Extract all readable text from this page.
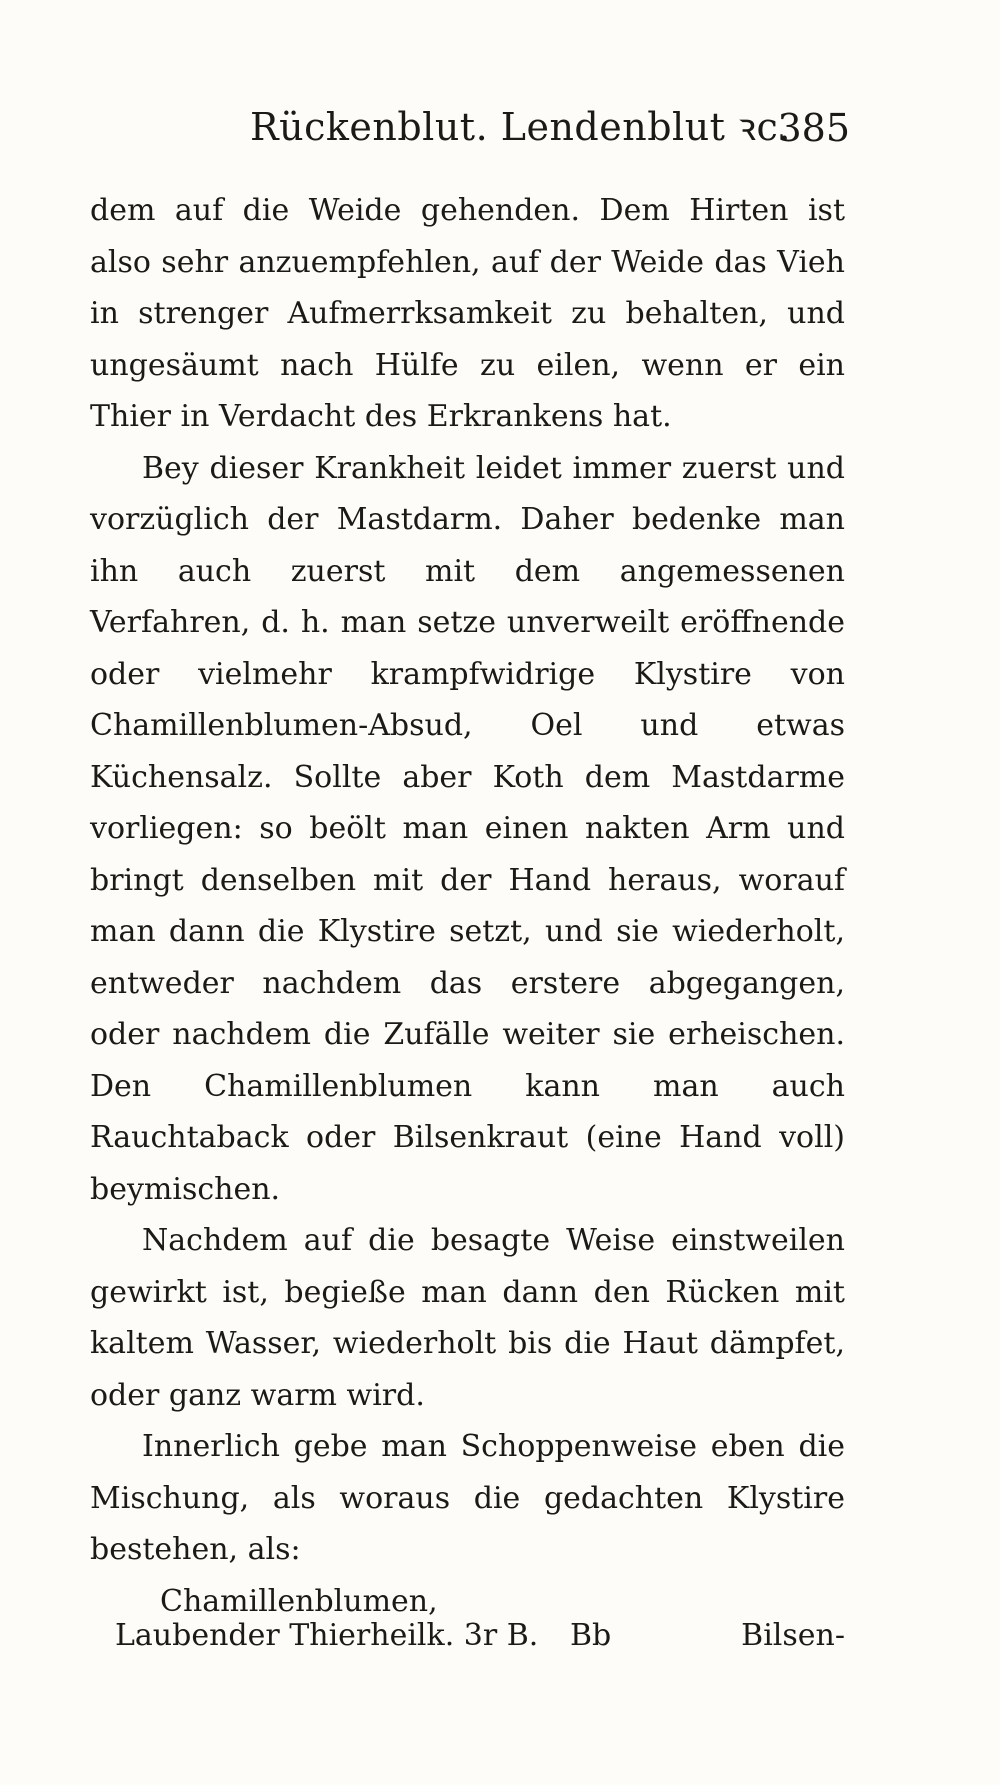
Rückenblut. Lendenblut ꝛc.
385

dem auf die Weide gehenden. Dem Hirten ist also sehr anzuempfehlen, auf der Weide das Vieh in strenger Aufmerrksamkeit zu behalten, und ungesäumt nach Hülfe zu eilen, wenn er ein Thier in Verdacht des Erkrankens hat.

Bey dieser Krankheit leidet immer zuerst und vorzüglich der Mastdarm. Daher bedenke man ihn auch zuerst mit dem angemessenen Verfahren, d. h. man setze unverweilt eröffnende oder vielmehr krampfwidrige Klystire von Chamillenblumen-Absud, Oel und etwas Küchensalz. Sollte aber Koth dem Mastdarme vorliegen: so beölt man einen nakten Arm und bringt denselben mit der Hand heraus, worauf man dann die Klystire setzt, und sie wiederholt, entweder nachdem das erstere abgegangen, oder nachdem die Zufälle weiter sie erheischen. Den Chamillenblumen kann man auch Rauchtaback oder Bilsenkraut (eine Hand voll) beymischen.

Nachdem auf die besagte Weise einstweilen gewirkt ist, begieße man dann den Rücken mit kaltem Wasser, wiederholt bis die Haut dämpfet, oder ganz warm wird.

Innerlich gebe man Schoppenweise eben die Mischung, als woraus die gedachten Klystire bestehen, als:

Chamillenblumen,

Laubender Thierheilk. 3r B. Bb	Bilsen-
